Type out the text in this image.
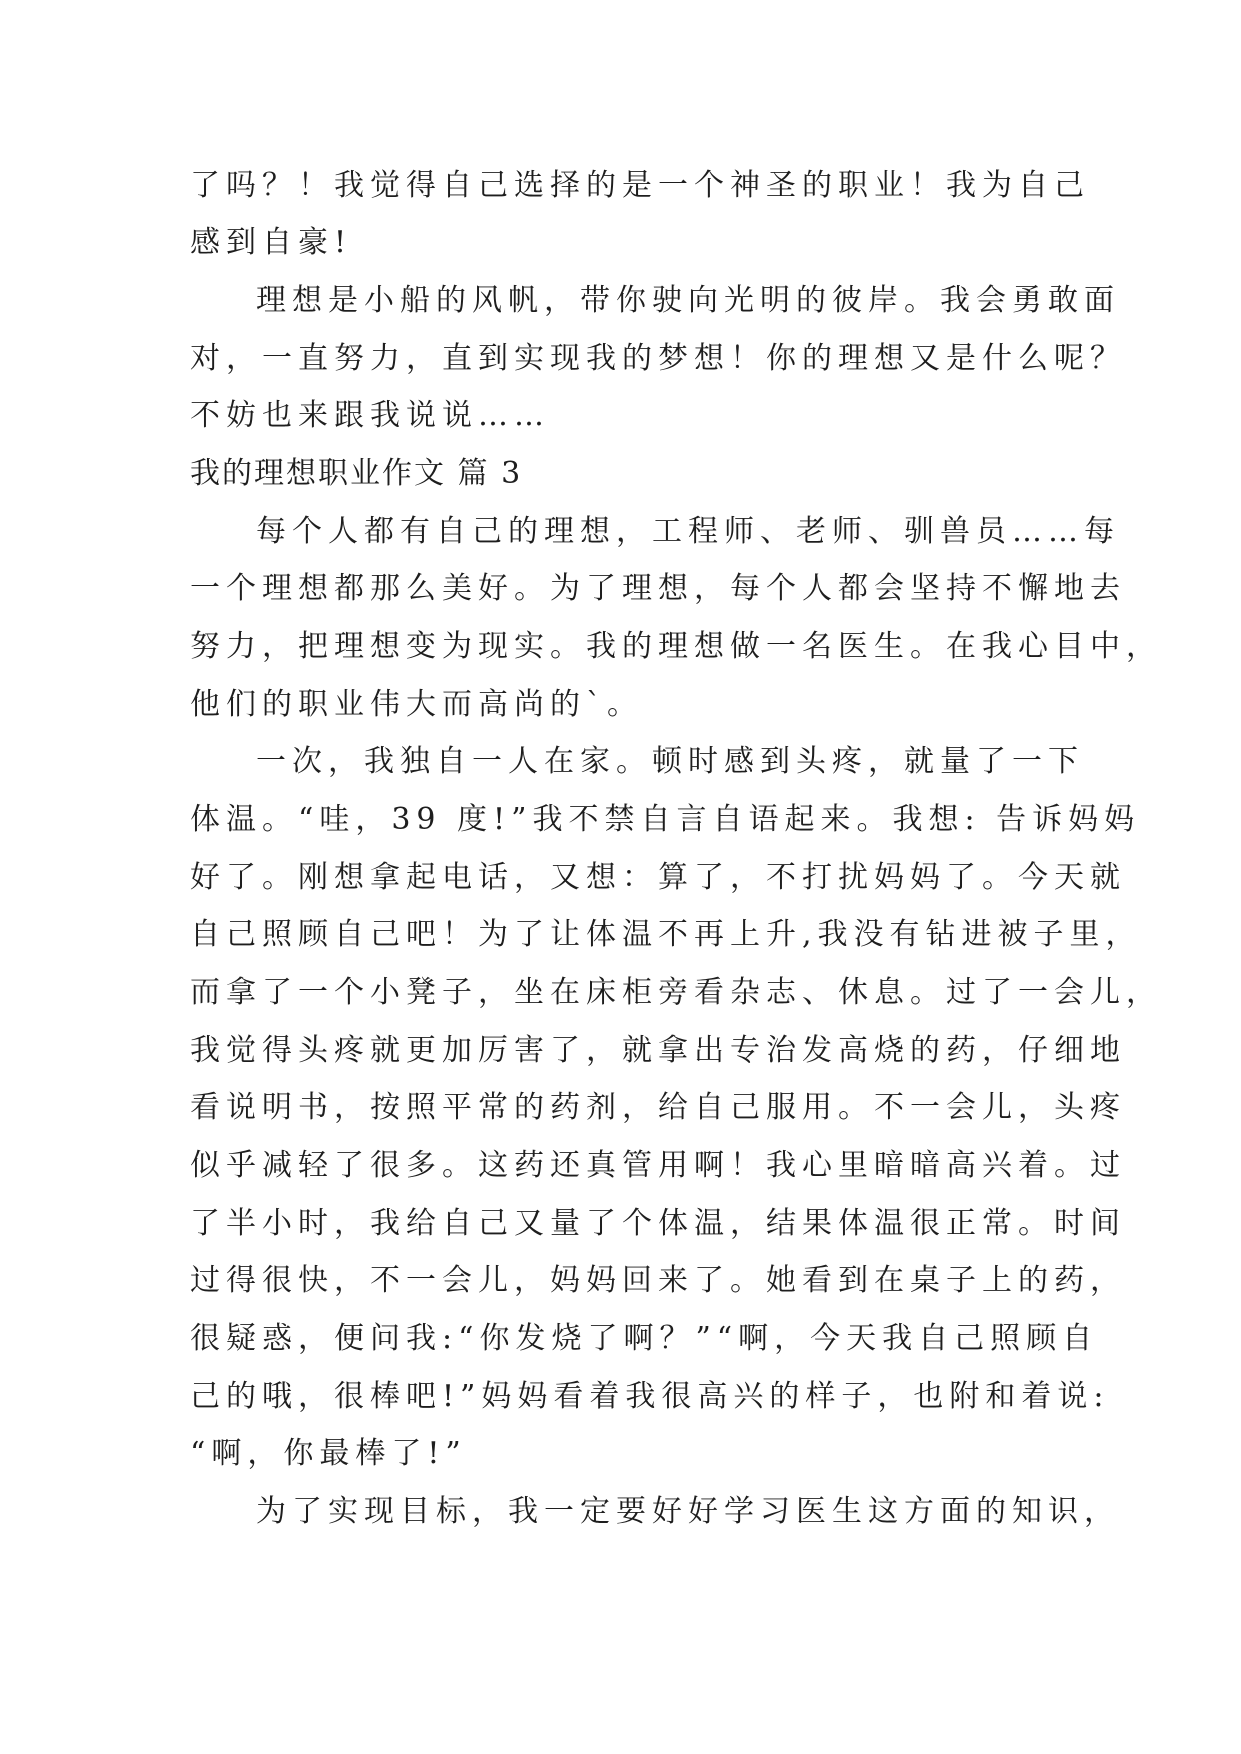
了吗？！我觉得自己选择的是一个神圣的职业！我为自己
感到自豪!
理想是小船的风帆，带你驶向光明的彼岸。我会勇敢面
对，一直努力，直到实现我的梦想！你的理想又是什么呢？
不妨也来跟我说说……
我的理想职业作文 篇 3
每个人都有自己的理想，工程师、老师、驯兽员……每
一个理想都那么美好。为了理想，每个人都会坚持不懈地去
努力，把理想变为现实。我的理想做一名医生。在我心目中，
他们的职业伟大而高尚的`。
一次，我独自一人在家。顿时感到头疼，就量了一下
体温。“哇，39 度!”我不禁自言自语起来。我想: 告诉妈妈
好了。刚想拿起电话，又想：算了，不打扰妈妈了。今天就
自己照顾自己吧！为了让体温不再上升,我没有钻进被子里，
而拿了一个小凳子，坐在床柜旁看杂志、休息。过了一会儿，
我觉得头疼就更加厉害了，就拿出专治发高烧的药，仔细地
看说明书，按照平常的药剂，给自己服用。不一会儿，头疼
似乎减轻了很多。这药还真管用啊！我心里暗暗高兴着。过
了半小时，我给自己又量了个体温，结果体温很正常。时间
过得很快，不一会儿，妈妈回来了。她看到在桌子上的药，
很疑惑，便问我:“你发烧了啊？”“啊，今天我自己照顾自
己的哦，很棒吧!”妈妈看着我很高兴的样子，也附和着说:
“啊，你最棒了!”
为了实现目标，我一定要好好学习医生这方面的知识，
